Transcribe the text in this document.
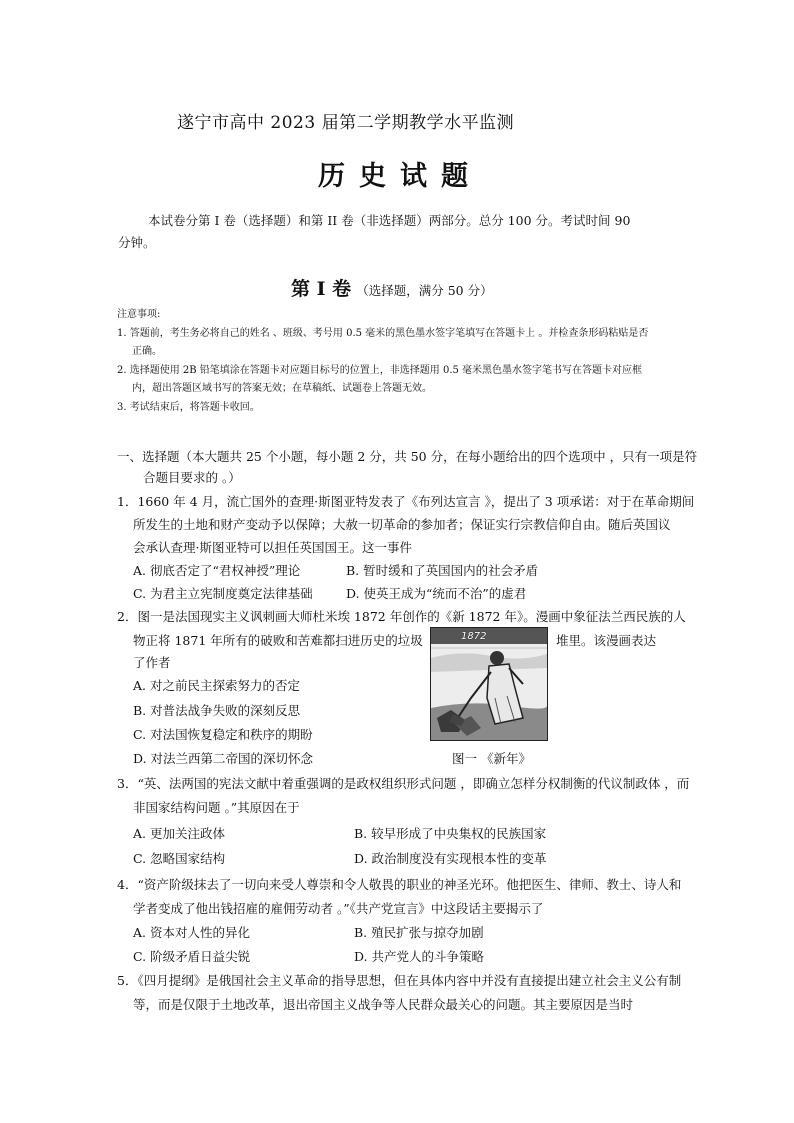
遂宁市高中 2023 届第二学期教学水平监测
历史试题
本试卷分第 I 卷（选择题）和第 II 卷（非选择题）两部分。总分 100 分。考试时间 90
分钟。
第 Ⅰ 卷 （选择题，满分 50 分）
注意事项:
1. 答题前，考生务必将自己的姓名 、班级、考号用 0.5 毫米的黑色墨水签字笔填写在答题卡上 。并检查条形码粘贴是否
正确。
2. 选择题使用 2B 铅笔填涂在答题卡对应题目标号的位置上，非选择题用 0.5 毫米黑色墨水签字笔书写在答题卡对应框
内，超出答题区域书写的答案无效；在草稿纸、试题卷上答题无效。
3. 考试结束后，将答题卡收回。
一、选择题（本大题共 25 个小题，每小题 2 分，共 50 分，在每小题给出的四个选项中 ，只有一项是符
合题目要求的 。）
1．1660 年 4 月，流亡国外的查理·斯图亚特发表了《布列达宣言 》，提出了 3 项承诺：对于在革命期间
所发生的土地和财产变动予以保障；大赦一切革命的参加者；保证实行宗教信仰自由。随后英国议
会承认查理·斯图亚特可以担任英国国王。这一事件
A. 彻底否定了“君权神授”理论	B. 暂时缓和了英国国内的社会矛盾
C. 为君主立宪制度奠定法律基础	D. 使英王成为“统而不治”的虚君
2．图一是法国现实主义讽刺画大师杜米埃 1872 年创作的《新 1872 年》。漫画中象征法兰西民族的人
物正将 1871 年所有的破败和苦难都扫进历史的垃圾	堆里。该漫画表达
了作者
A. 对之前民主探索努力的否定
B. 对普法战争失败的深刻反思
C. 对法国恢复稳定和秩序的期盼
D. 对法兰西第二帝国的深切怀念
1872
图一 《新年》
3．“英、法两国的宪法文献中着重强调的是政权组织形式问题 ，即确立怎样分权制衡的代议制政体 ，而
非国家结构问题 。”其原因在于
A. 更加关注政体	B. 较早形成了中央集权的民族国家
C. 忽略国家结构	D. 政治制度没有实现根本性的变革
4．“资产阶级抹去了一切向来受人尊崇和令人敬畏的职业的神圣光环。他把医生、律师、教士、诗人和
学者变成了他出钱招雇的雇佣劳动者 。”《共产党宣言》中这段话主要揭示了
A. 资本对人性的异化	B. 殖民扩张与掠夺加剧
C. 阶级矛盾日益尖锐	D. 共产党人的斗争策略
5．《四月提纲》是俄国社会主义革命的指导思想，但在具体内容中并没有直接提出建立社会主义公有制
等，而是仅限于土地改革，退出帝国主义战争等人民群众最关心的问题。其主要原因是当时
